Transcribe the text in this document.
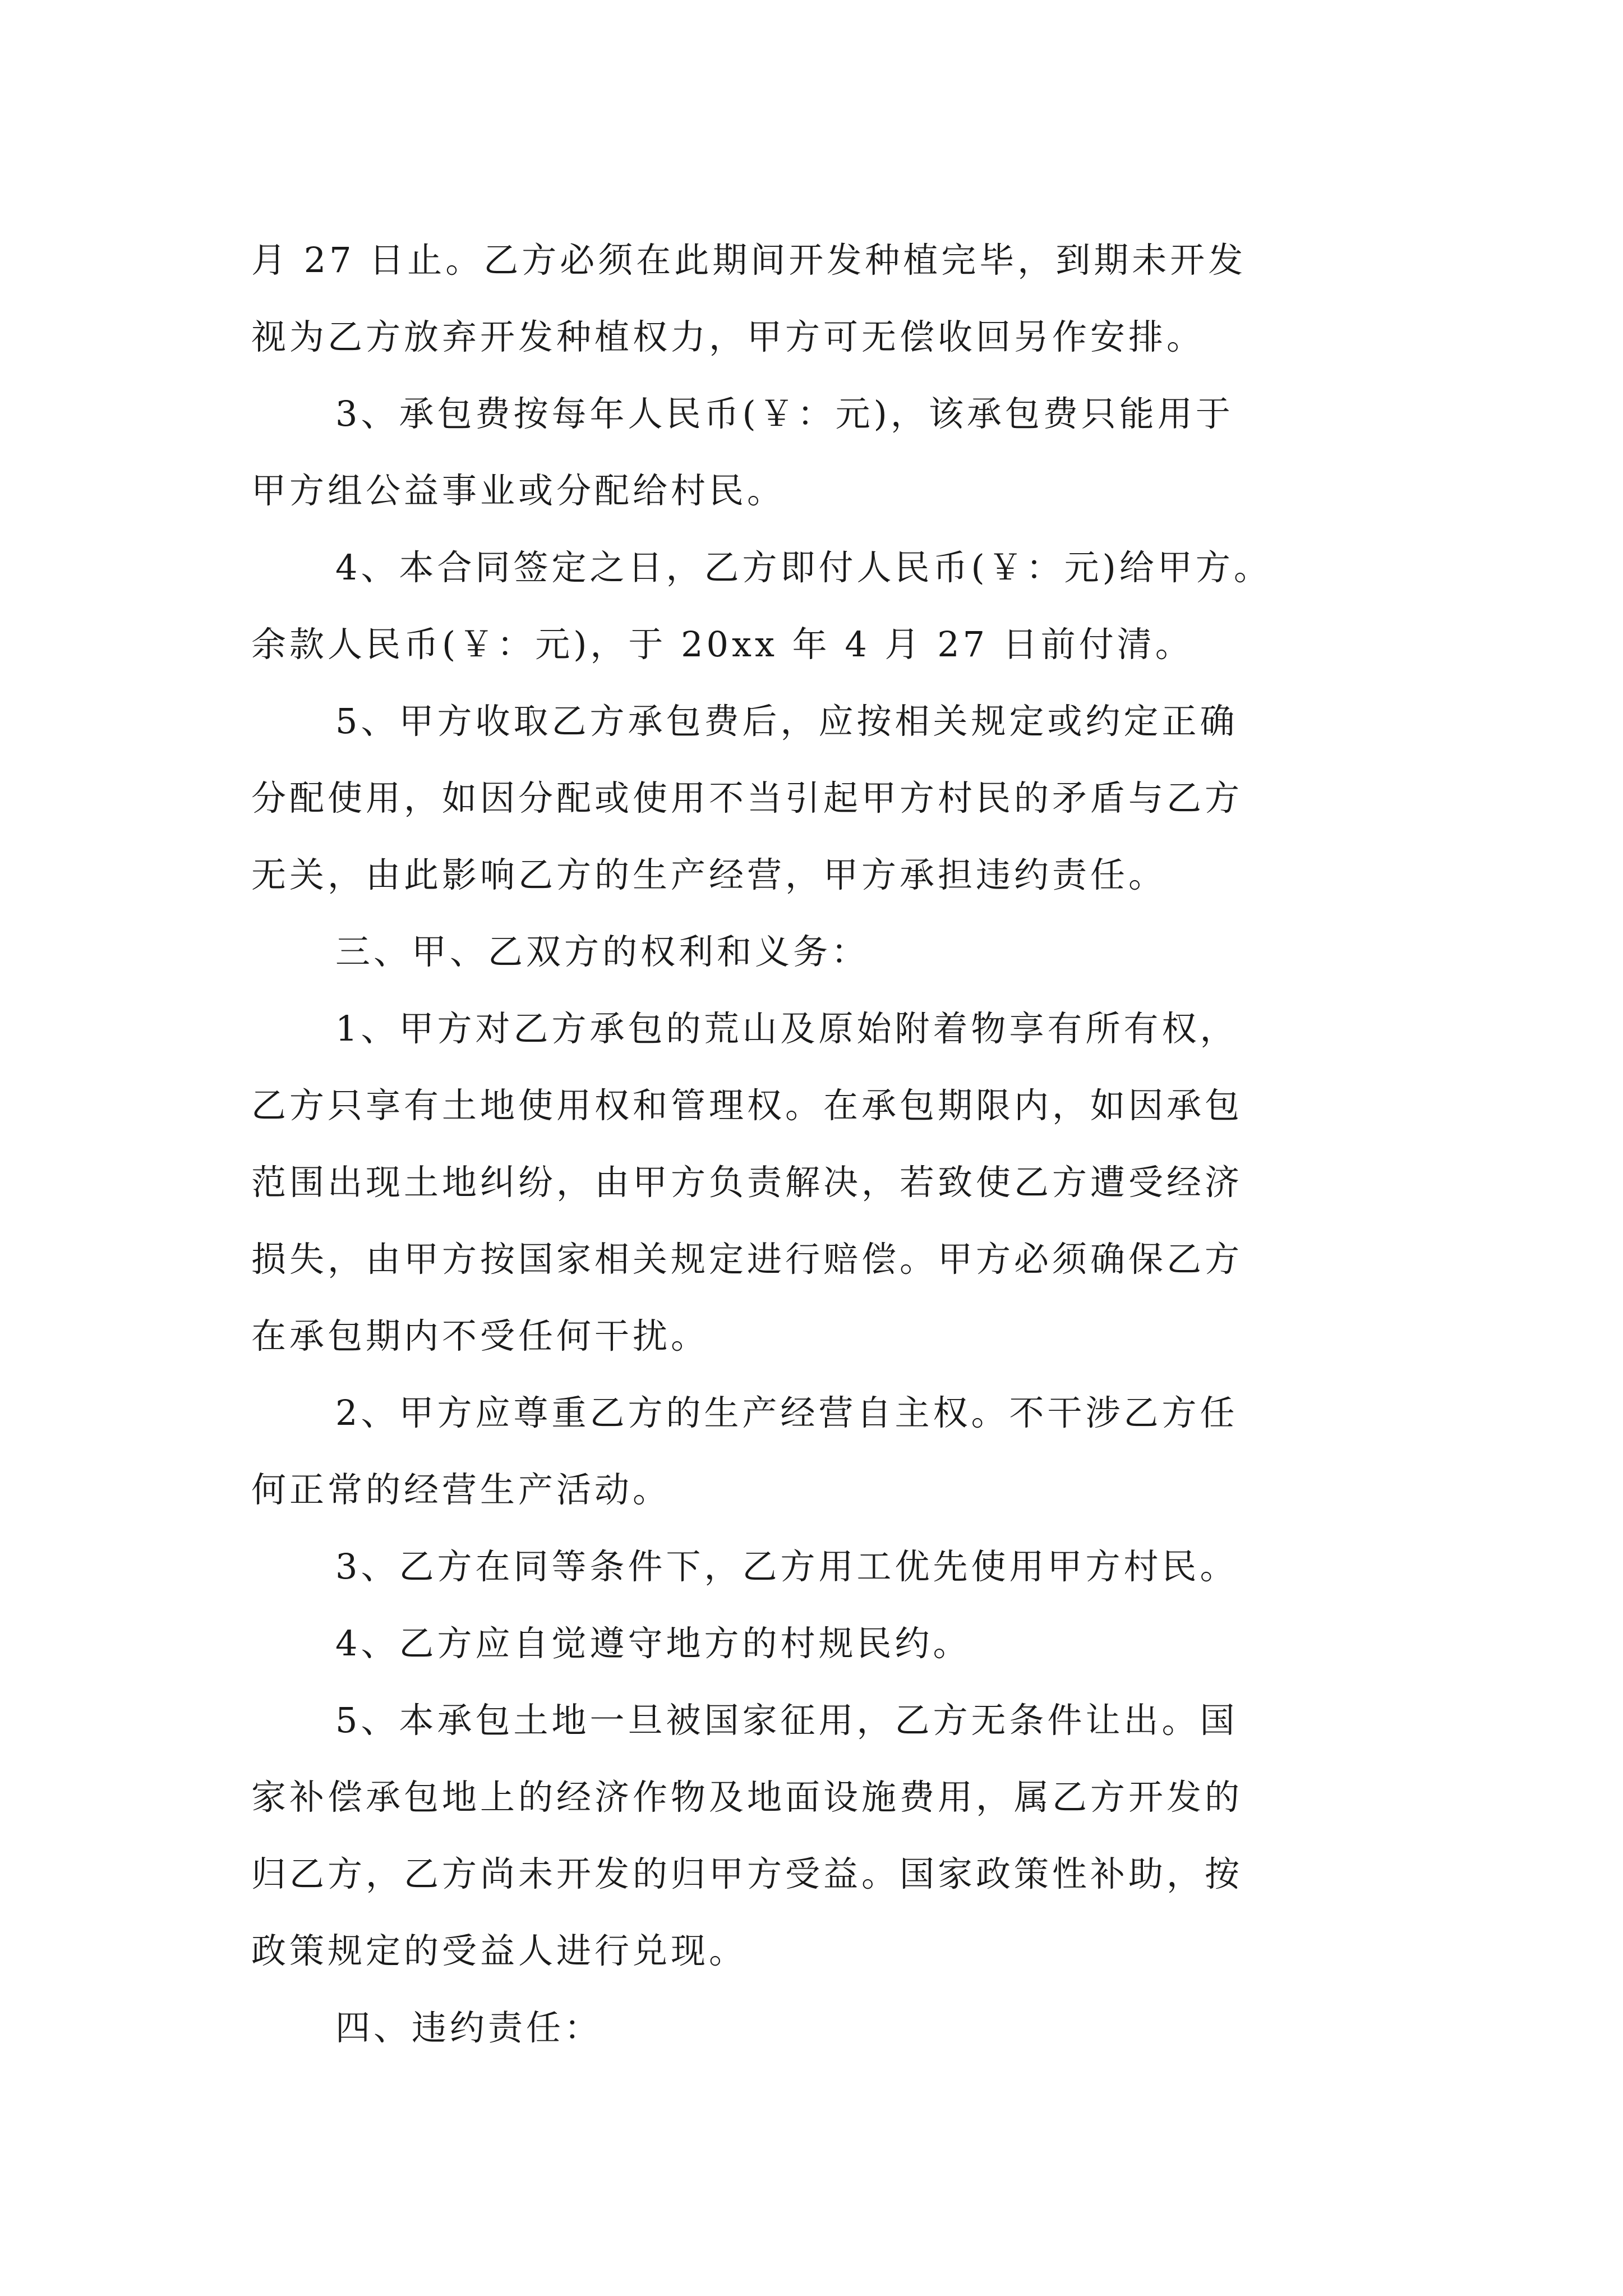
月 27 日止。乙方必须在此期间开发种植完毕，到期未开发
视为乙方放弃开发种植权力，甲方可无偿收回另作安排。
3、承包费按每年人民币(￥：元)，该承包费只能用于
甲方组公益事业或分配给村民。
4、本合同签定之日，乙方即付人民币(￥：元)给甲方。
余款人民币(￥：元)，于 20xx 年 4 月 27 日前付清。
5、甲方收取乙方承包费后，应按相关规定或约定正确
分配使用，如因分配或使用不当引起甲方村民的矛盾与乙方
无关，由此影响乙方的生产经营，甲方承担违约责任。
三、甲、乙双方的权利和义务：
1、甲方对乙方承包的荒山及原始附着物享有所有权，
乙方只享有土地使用权和管理权。在承包期限内，如因承包
范围出现土地纠纷，由甲方负责解决，若致使乙方遭受经济
损失，由甲方按国家相关规定进行赔偿。甲方必须确保乙方
在承包期内不受任何干扰。
2、甲方应尊重乙方的生产经营自主权。不干涉乙方任
何正常的经营生产活动。
3、乙方在同等条件下，乙方用工优先使用甲方村民。
4、乙方应自觉遵守地方的村规民约。
5、本承包土地一旦被国家征用，乙方无条件让出。国
家补偿承包地上的经济作物及地面设施费用，属乙方开发的
归乙方，乙方尚未开发的归甲方受益。国家政策性补助，按
政策规定的受益人进行兑现。
四、违约责任：
